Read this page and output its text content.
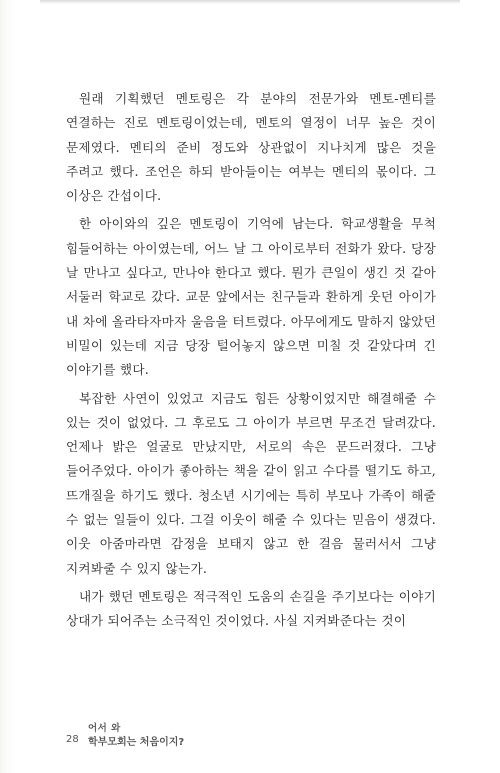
원래 기획했던 멘토링은 각 분야의 전문가와 멘토-멘티를 연결하는 진로 멘토링이었는데, 멘토의 열정이 너무 높은 것이 문제였다. 멘티의 준비 정도와 상관없이 지나치게 많은 것을 주려고 했다. 조언은 하되 받아들이는 여부는 멘티의 몫이다. 그 이상은 간섭이다.

한 아이와의 깊은 멘토링이 기억에 남는다. 학교생활을 무척 힘들어하는 아이였는데, 어느 날 그 아이로부터 전화가 왔다. 당장 날 만나고 싶다고, 만나야 한다고 했다. 뭔가 큰일이 생긴 것 같아 서둘러 학교로 갔다. 교문 앞에서는 친구들과 환하게 웃던 아이가 내 차에 올라타자마자 울음을 터트렸다. 아무에게도 말하지 않았던 비밀이 있는데 지금 당장 털어놓지 않으면 미칠 것 같았다며 긴 이야기를 했다.

복잡한 사연이 있었고 지금도 힘든 상황이었지만 해결해줄 수 있는 것이 없었다. 그 후로도 그 아이가 부르면 무조건 달려갔다. 언제나 밝은 얼굴로 만났지만, 서로의 속은 문드러졌다. 그냥 들어주었다. 아이가 좋아하는 책을 같이 읽고 수다를 떨기도 하고, 뜨개질을 하기도 했다. 청소년 시기에는 특히 부모나 가족이 해줄 수 없는 일들이 있다. 그걸 이웃이 해줄 수 있다는 믿음이 생겼다. 이웃 아줌마라면 감정을 보태지 않고 한 걸음 물러서서 그냥 지켜봐줄 수 있지 않는가.

내가 했던 멘토링은 적극적인 도움의 손길을 주기보다는 이야기 상대가 되어주는 소극적인 것이었다. 사실 지켜봐준다는 것이

28
어서 와
학부모회는 처음이지?
